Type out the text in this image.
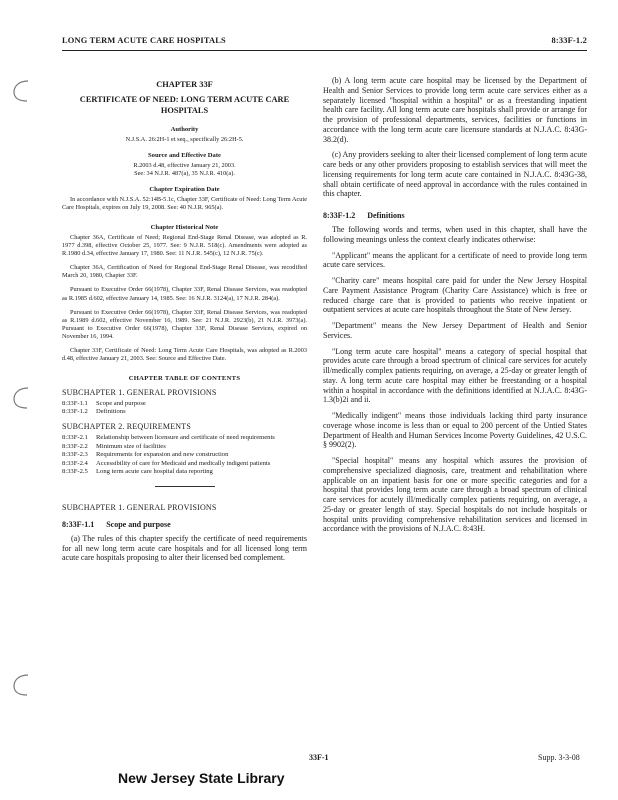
LONG TERM ACUTE CARE HOSPITALS	8:33F-1.2
CHAPTER 33F
CERTIFICATE OF NEED: LONG TERM ACUTE CARE HOSPITALS
Authority
N.J.S.A. 26:2H-1 et seq., specifically 26:2H-5.
Source and Effective Date
R.2003 d.48, effective January 21, 2003.
See: 34 N.J.R. 487(a), 35 N.J.R. 410(a).
Chapter Expiration Date

In accordance with N.J.S.A. 52:14B-5.1c, Chapter 33F, Certificate of Need: Long Term Acute Care Hospitals, expires on July 19, 2008. See: 40 N.J.R. 965(a).

Chapter Historical Note

Chapter 36A, Certificate of Need; Regional End-Stage Renal Disease, was adopted as R. 1977 d.398, effective October 25, 1977. See: 9 N.J.R. 518(c). Amendments were adopted as R.1980 d.34, effective January 17, 1980. See: 11 N.J.R. 545(c), 12 N.J.R. 75(c).

Chapter 36A, Certification of Need for Regional End-Stage Renal Disease, was recodified March 20, 1980, Chapter 33F.

Pursuant to Executive Order 66(1978), Chapter 33F, Renal Disease Services, was readopted as R.1985 d.602, effective January 14, 1985. See: 16 N.J.R. 3124(a), 17 N.J.R. 284(a).

Pursuant to Executive Order 66(1978), Chapter 33F, Renal Disease Services, was readopted as R.1989 d.602, effective November 16, 1989. See: 21 N.J.R. 2923(b), 21 N.J.R. 3973(a). Pursuant to Executive Order 66(1978), Chapter 33F, Renal Disease Services, expired on November 16, 1994.

Chapter 33F, Certificate of Need: Long Term Acute Care Hospitals, was adopted as R.2003 d.48, effective January 21, 2003. See: Source and Effective Date.

CHAPTER TABLE OF CONTENTS
SUBCHAPTER 1. GENERAL PROVISIONS
8:33F-1.1	Scope and purpose
8:33F-1.2	Definitions
SUBCHAPTER 2. REQUIREMENTS
8:33F-2.1	Relationship between licensure and certificate of need requirements
8:33F-2.2	Minimum size of facilities
8:33F-2.3	Requirements for expansion and new construction
8:33F-2.4	Accessibility of care for Medicaid and medically indigent patients
8:33F-2.5	Long term acute care hospital data reporting
SUBCHAPTER 1. GENERAL PROVISIONS
8:33F-1.1 Scope and purpose

(a) The rules of this chapter specify the certificate of need requirements for all new long term acute care hospitals and for all licensed long term acute care hospitals proposing to alter their licensed bed complement.

(b) A long term acute care hospital may be licensed by the Department of Health and Senior Services to provide long term acute care services either as a separately licensed "hospital within a hospital" or as a freestanding inpatient health care facility. All long term acute care hospitals shall provide or arrange for the provision of professional departments, services, facilities or functions in accordance with the long term acute care licensure standards at N.J.A.C. 8:43G-38.2(d).

(c) Any providers seeking to alter their licensed complement of long term acute care beds or any other providers proposing to establish services that will meet the licensing requirements for long term acute care contained in N.J.A.C. 8:43G-38, shall obtain certificate of need approval in accordance with the rules contained in this chapter.

8:33F-1.2 Definitions

The following words and terms, when used in this chapter, shall have the following meanings unless the context clearly indicates otherwise:

"Applicant" means the applicant for a certificate of need to provide long term acute care services.

"Charity care" means hospital care paid for under the New Jersey Hospital Care Payment Assistance Program (Charity Care Assistance) which is free or reduced charge care that is provided to patients who receive inpatient or outpatient services at acute care hospitals throughout the State of New Jersey.

"Department" means the New Jersey Department of Health and Senior Services.

"Long term acute care hospital" means a category of special hospital that provides acute care through a broad spectrum of clinical care services for acutely ill/medically complex patients requiring, on average, a 25-day or greater length of stay. A long term acute care hospital may either be freestanding or a hospital within a hospital in accordance with the definitions identified at N.J.A.C. 8:43G-1.3(b)2i and ii.

"Medically indigent" means those individuals lacking third party insurance coverage whose income is less than or equal to 200 percent of the Untied States Department of Health and Human Services Income Poverty Guidelines, 42 U.S.C. § 9902(2).

"Special hospital" means any hospital which assures the provision of comprehensive specialized diagnosis, care, treatment and rehabilitation where applicable on an inpatient basis for one or more specific categories and for a hospital that provides long term acute care through a broad spectrum of clinical care services for acutely ill/medically complex patients requiring, on average, a 25-day or greater length of stay. Special hospitals do not include hospitals or hospital units providing comprehensive rehabilitation services and licensed in accordance with the provisions of N.J.A.C. 8:43H.

New Jersey State Library
33F-1	Supp. 3-3-08
